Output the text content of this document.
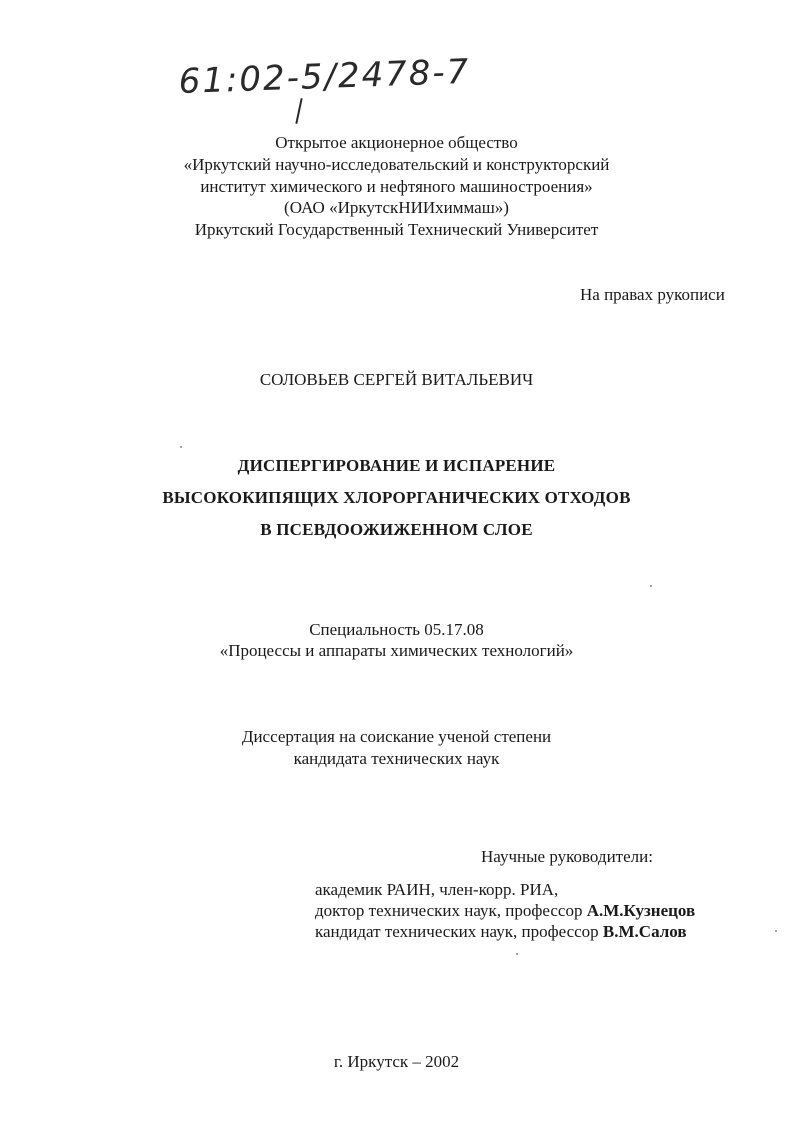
61:02-5/2478-7
Открытое акционерное общество
«Иркутский научно-исследовательский и конструкторский
институт химического и нефтяного машиностроения»
(ОАО «ИркутскНИИхиммаш»)
Иркутский Государственный Технический Университет
На правах рукописи
СОЛОВЬЕВ СЕРГЕЙ ВИТАЛЬЕВИЧ
ДИСПЕРГИРОВАНИЕ И ИСПАРЕНИЕ
ВЫСОКОКИПЯЩИХ ХЛОРОРГАНИЧЕСКИХ ОТХОДОВ
В ПСЕВДООЖИЖЕННОМ СЛОЕ
Специальность 05.17.08
«Процессы и аппараты химических технологий»
Диссертация на соискание ученой степени
кандидата технических наук
Научные руководители:
академик РАИН, член-корр. РИА,
доктор технических наук, профессор А.М.Кузнецов
кандидат технических наук, профессор В.М.Салов
г. Иркутск – 2002
